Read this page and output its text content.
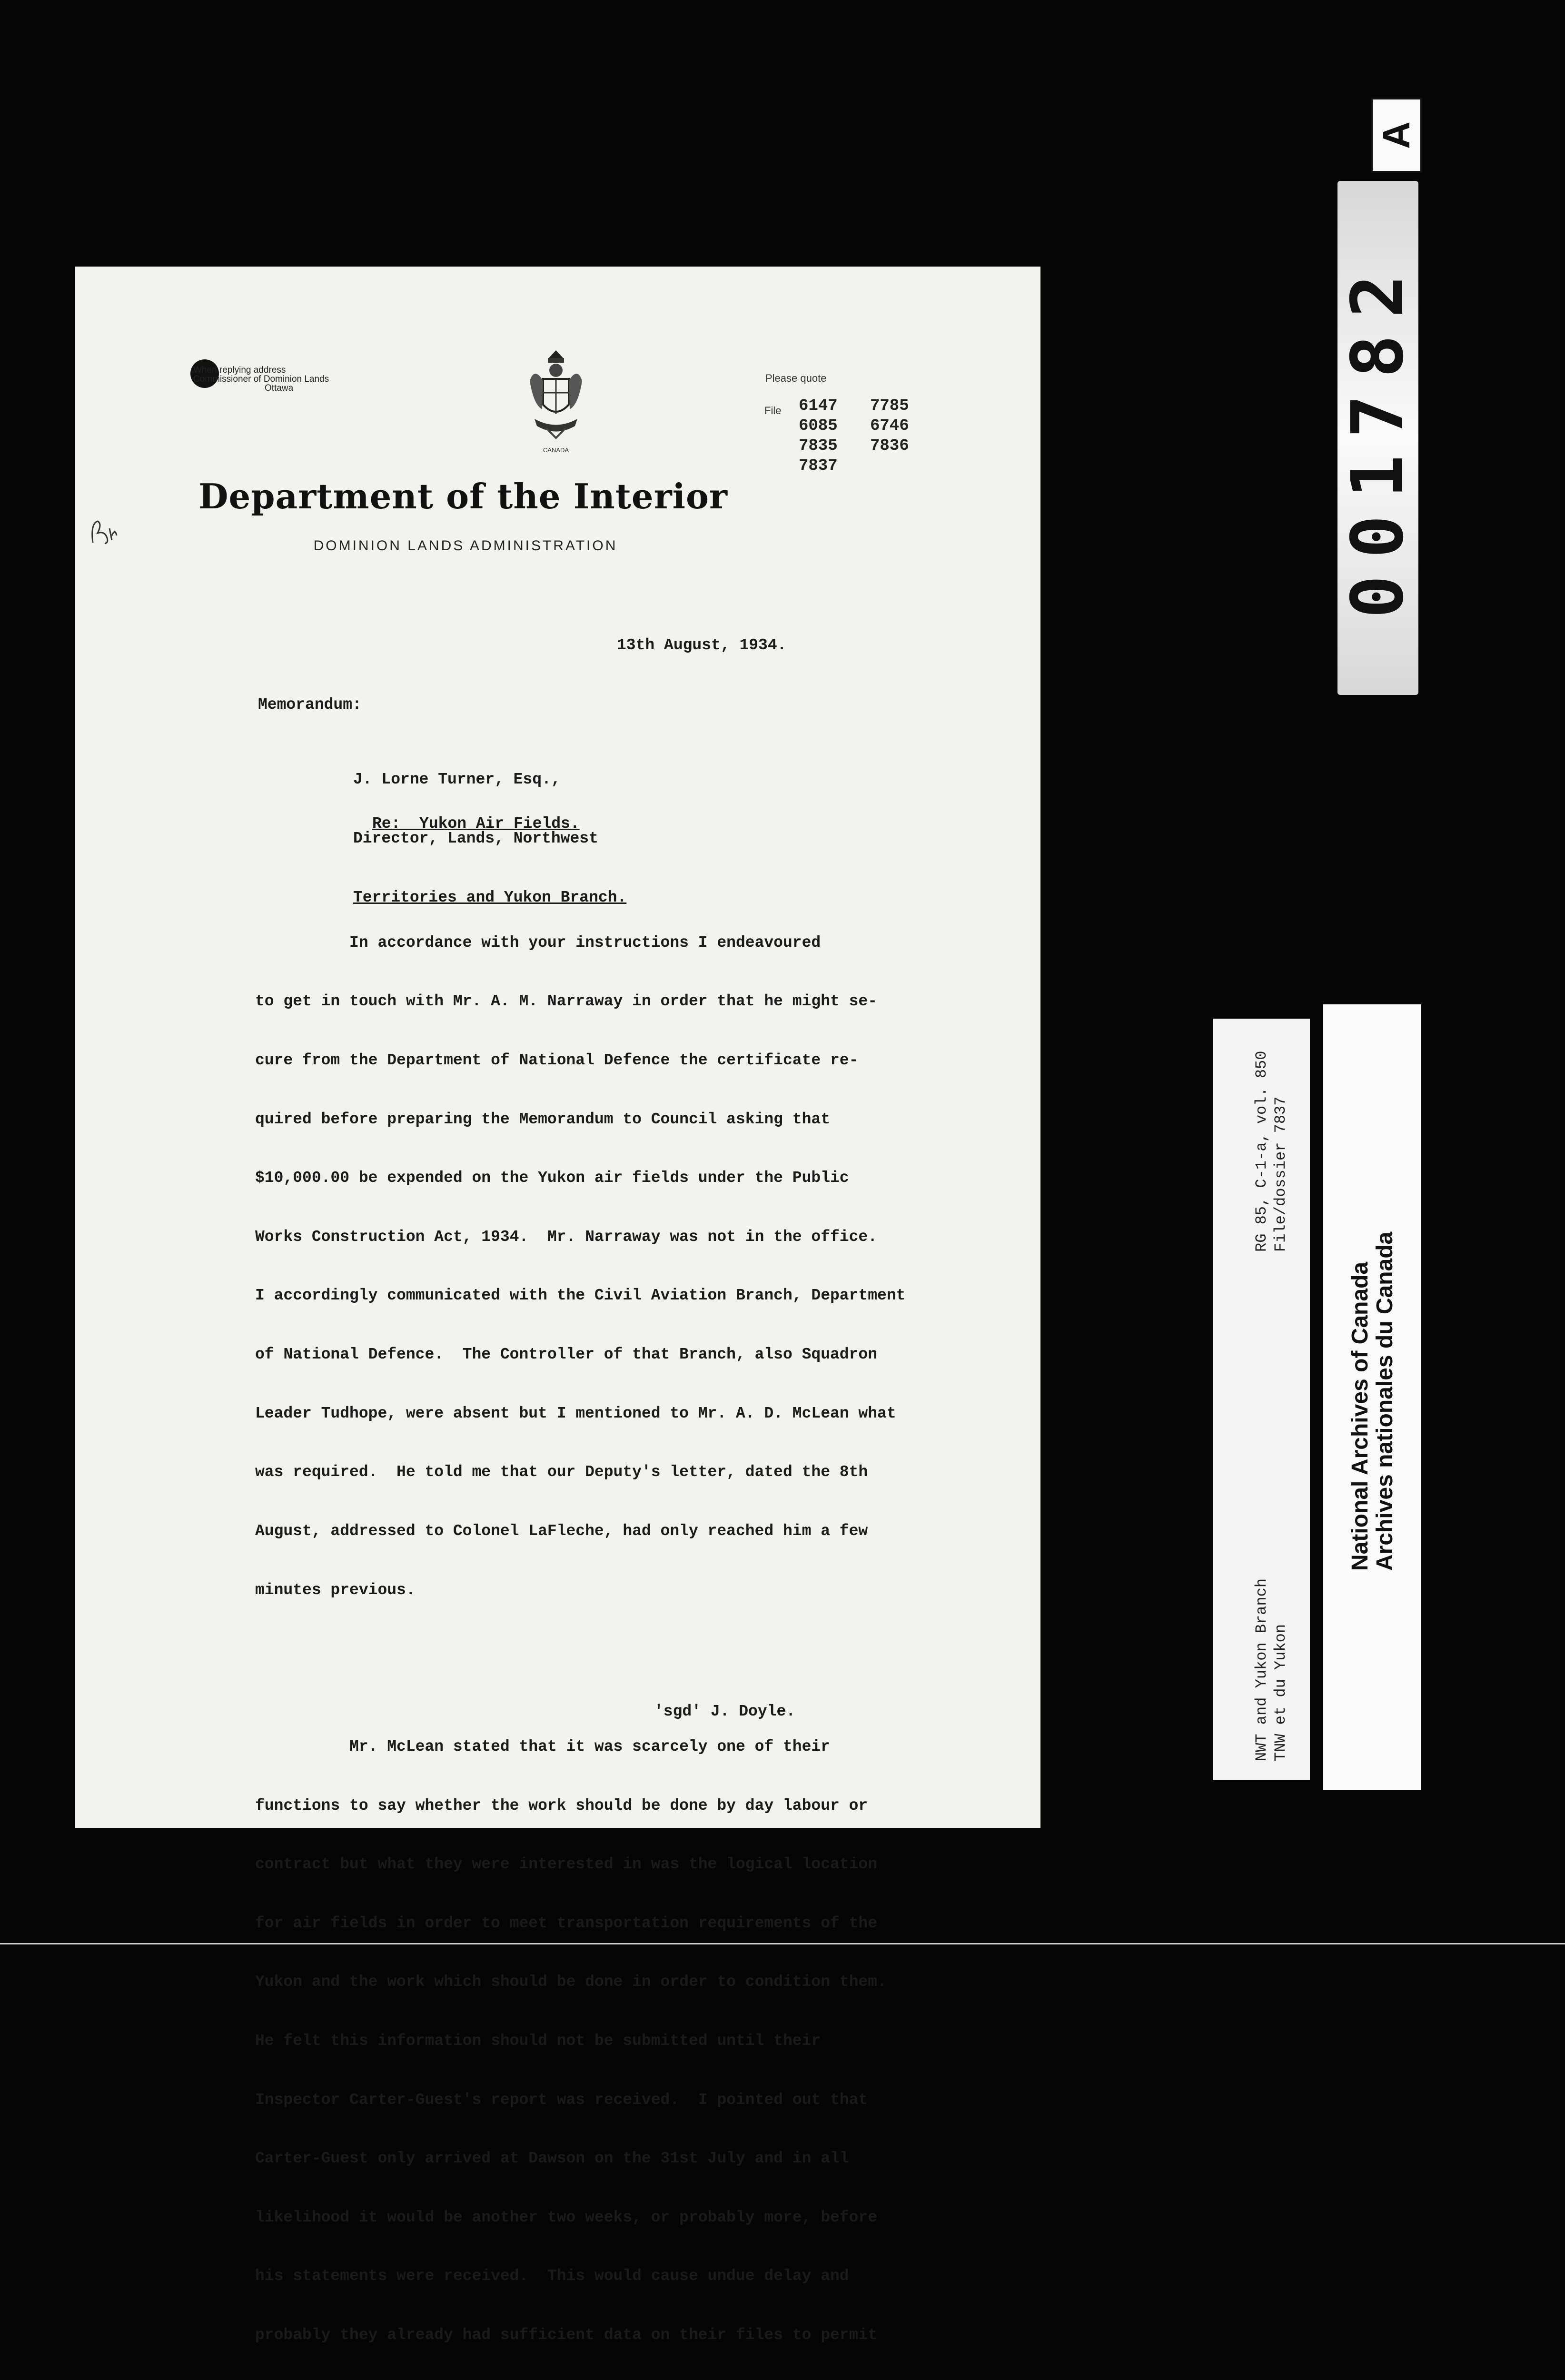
When replying address
Commissioner of Dominion Lands
Ottawa
CANADA
Please quote
File 6147	7785
6085	6746
7835	7836
7837
Department of the Interior
DOMINION LANDS ADMINISTRATION
13th August, 1934.
Memorandum:

J. Lorne Turner, Esq.,

Director, Lands, Northwest

Territories and Yukon Branch.

Re:  Yukon Air Fields.

In accordance with your instructions I endeavoured

to get in touch with Mr. A. M. Narraway in order that he might se-

cure from the Department of National Defence the certificate re-

quired before preparing the Memorandum to Council asking that

$10,000.00 be expended on the Yukon air fields under the Public

Works Construction Act, 1934.  Mr. Narraway was not in the office.

I accordingly communicated with the Civil Aviation Branch, Department

of National Defence.  The Controller of that Branch, also Squadron

Leader Tudhope, were absent but I mentioned to Mr. A. D. McLean what

was required.  He told me that our Deputy's letter, dated the 8th

August, addressed to Colonel LaFleche, had only reached him a few

minutes previous.

Mr. McLean stated that it was scarcely one of their

functions to say whether the work should be done by day labour or

contract but what they were interested in was the logical location

for air fields in order to meet transportation requirements of the

Yukon and the work which should be done in order to condition them.

He felt this information should not be submitted until their

Inspector Carter-Guest's report was received.  I pointed out that

Carter-Guest only arrived at Dawson on the 31st July and in all

likelihood it would be another two weeks, or probably more, before

his statements were received.  This would cause undue delay and

probably they already had sufficient data on their files to permit

'sgd' J. Doyle.
A
001782
NWT and Yukon Branch TNW et du Yukon
RG 85, C-1-a, vol. 850 File/dossier 7837
National Archives of Canada Archives nationales du Canada
